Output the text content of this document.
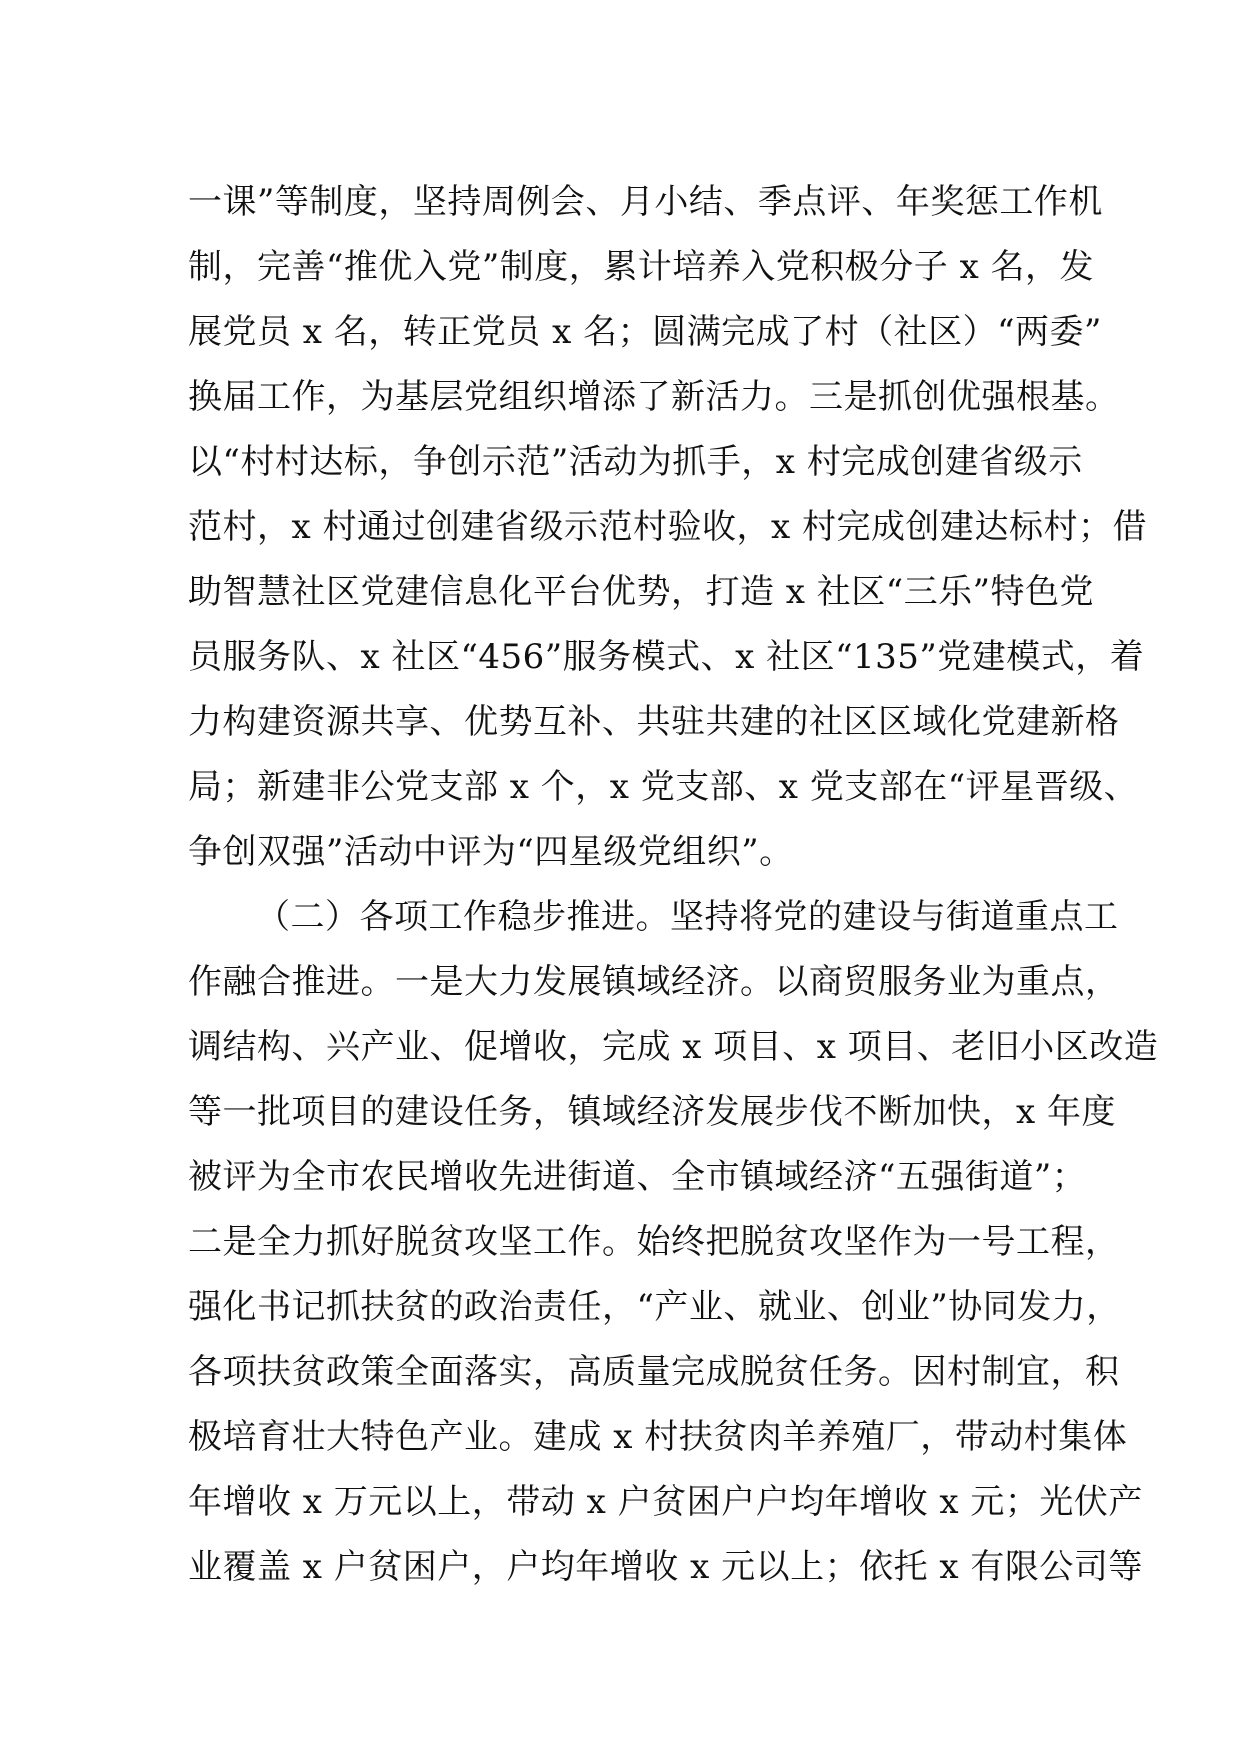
一课”等制度，坚持周例会、月小结、季点评、年奖惩工作机
制，完善“推优入党”制度，累计培养入党积极分子 x 名，发
展党员 x 名，转正党员 x 名；圆满完成了村（社区）“两委”
换届工作，为基层党组织增添了新活力。三是抓创优强根基。
以“村村达标，争创示范”活动为抓手，x 村完成创建省级示
范村，x 村通过创建省级示范村验收，x 村完成创建达标村；借
助智慧社区党建信息化平台优势，打造 x 社区“三乐”特色党
员服务队、x 社区“456”服务模式、x 社区“135”党建模式，着
力构建资源共享、优势互补、共驻共建的社区区域化党建新格
局；新建非公党支部 x 个，x 党支部、x 党支部在“评星晋级、
争创双强”活动中评为“四星级党组织”。
（二）各项工作稳步推进。坚持将党的建设与街道重点工
作融合推进。一是大力发展镇域经济。以商贸服务业为重点，
调结构、兴产业、促增收，完成 x 项目、x 项目、老旧小区改造
等一批项目的建设任务，镇域经济发展步伐不断加快，x 年度
被评为全市农民增收先进街道、全市镇域经济“五强街道”；
二是全力抓好脱贫攻坚工作。始终把脱贫攻坚作为一号工程，
强化书记抓扶贫的政治责任，“产业、就业、创业”协同发力，
各项扶贫政策全面落实，高质量完成脱贫任务。因村制宜，积
极培育壮大特色产业。建成 x 村扶贫肉羊养殖厂，带动村集体
年增收 x 万元以上，带动 x 户贫困户户均年增收 x 元；光伏产
业覆盖 x 户贫困户，户均年增收 x 元以上；依托 x 有限公司等
